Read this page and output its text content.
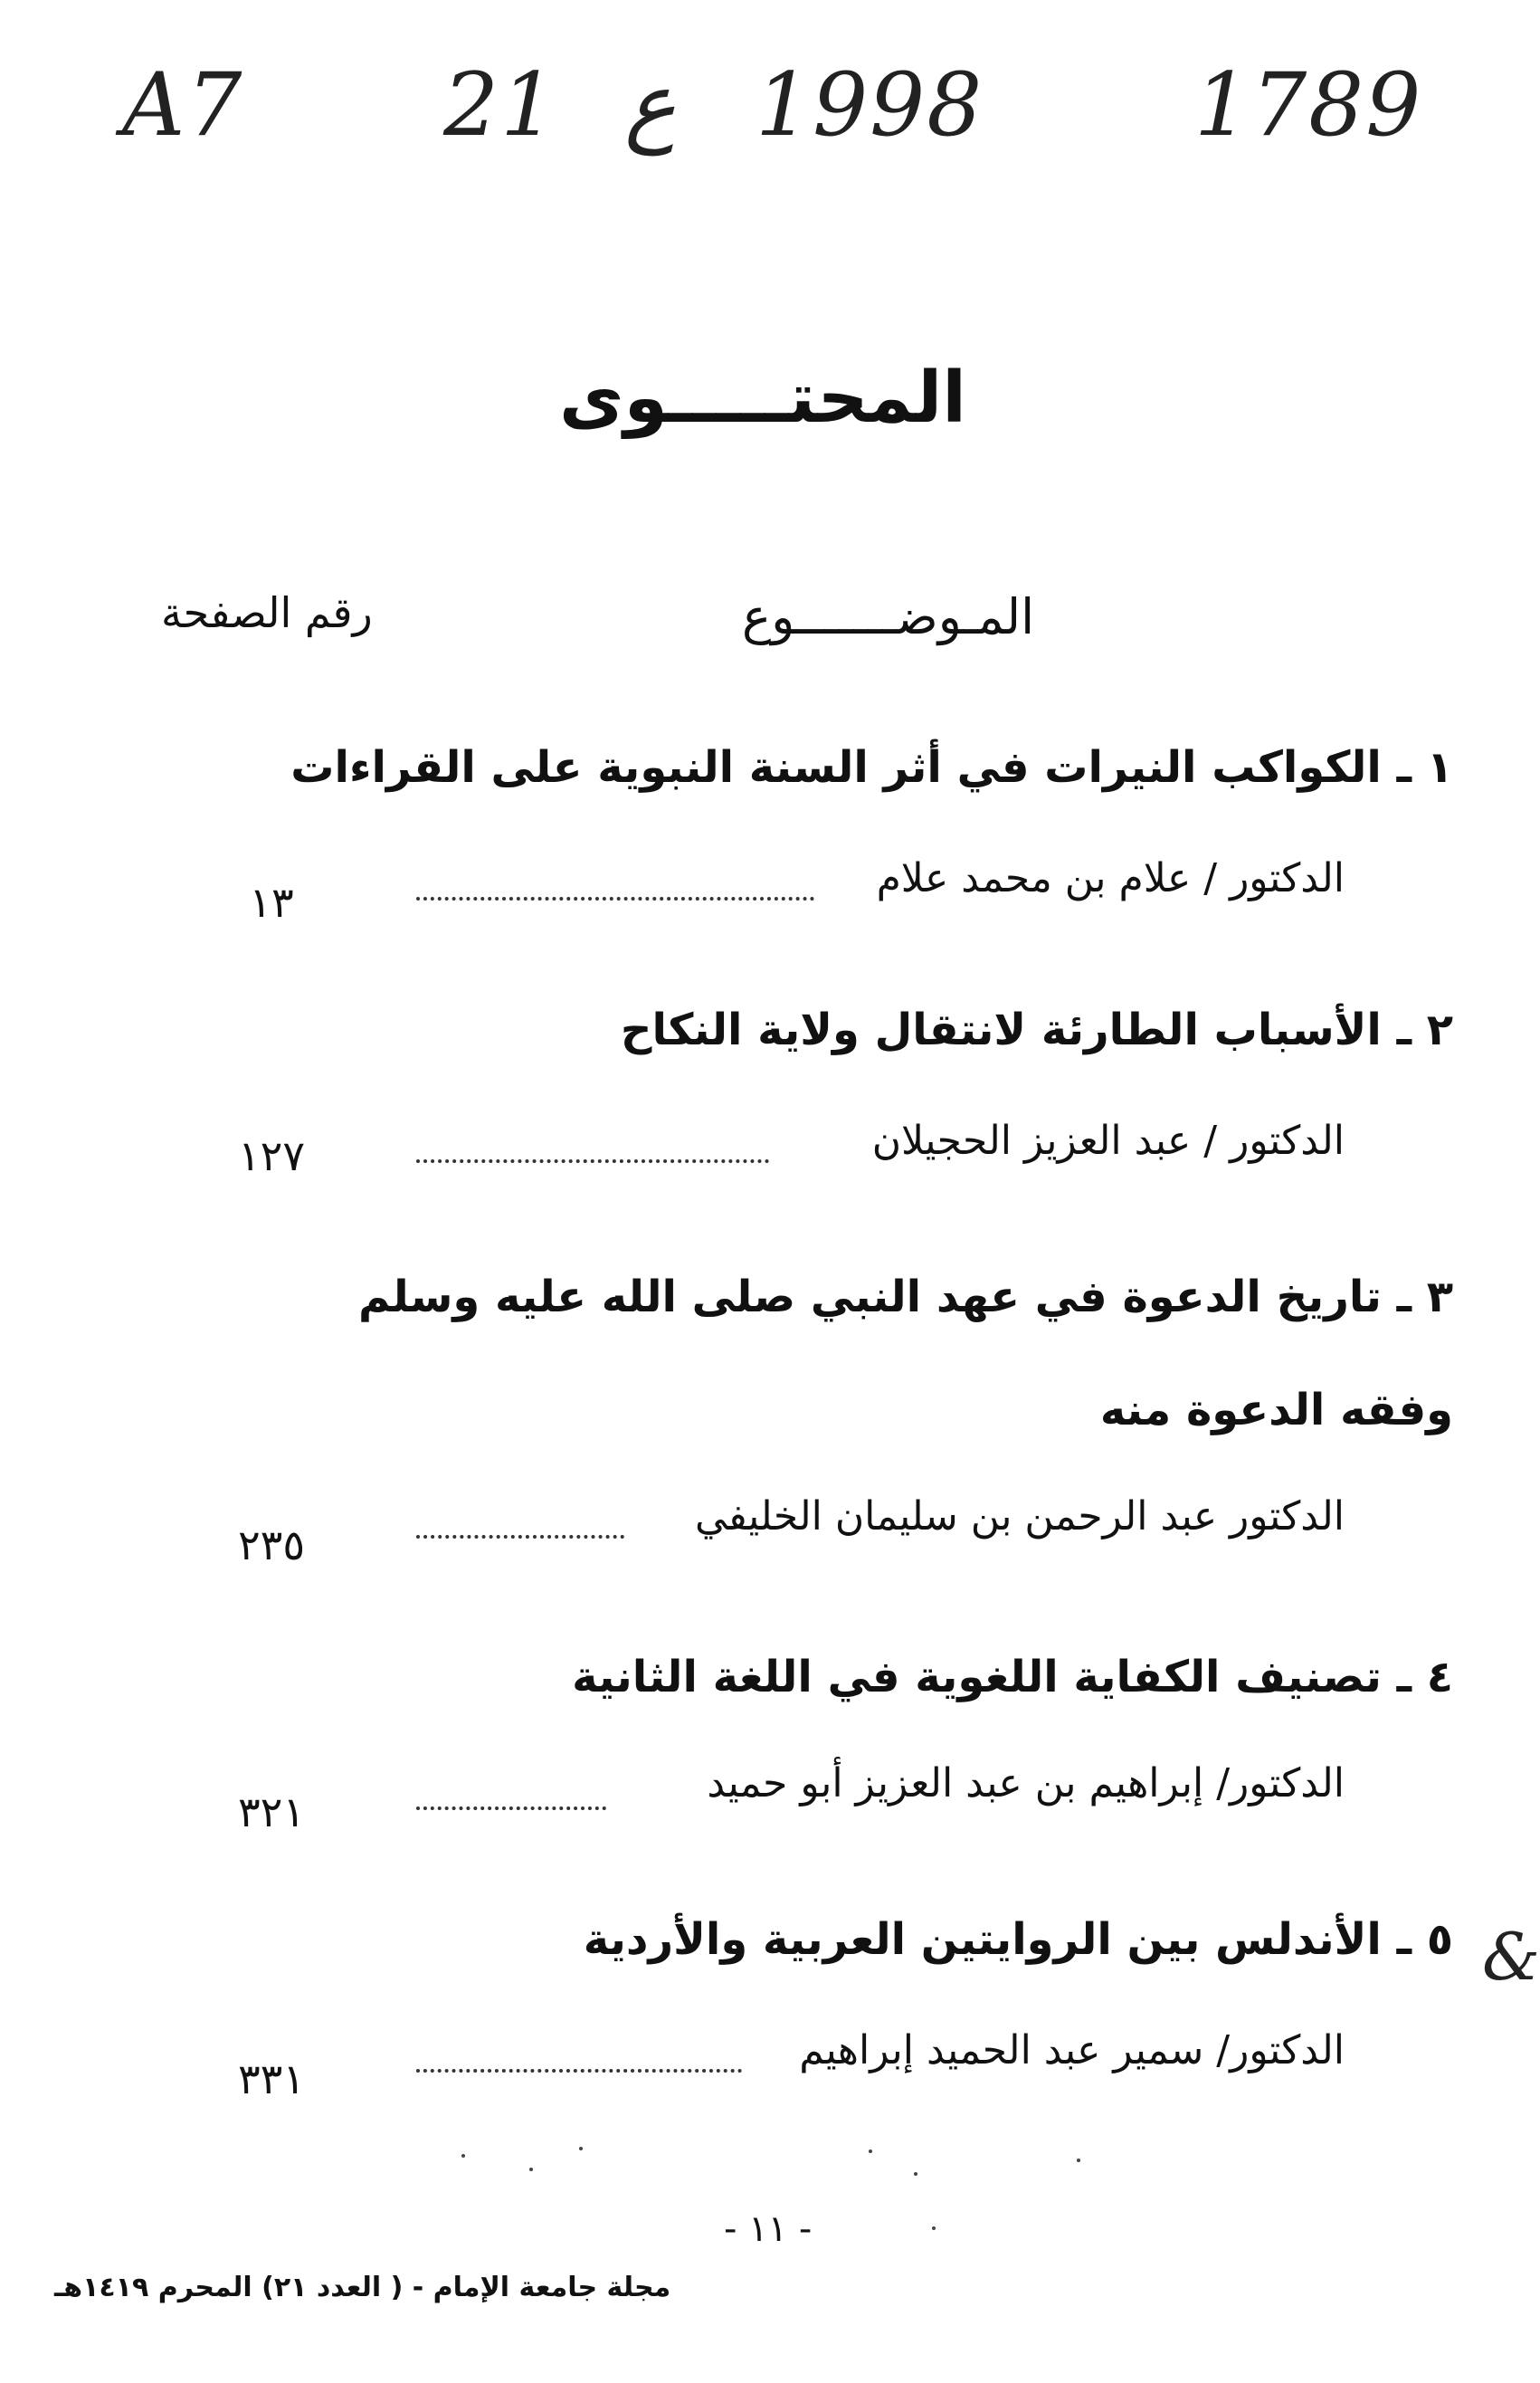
A7 21 ع 1998 1789
المحتـــــوى
المـوضـــــــوع
رقم الصفحة
١ ـ الكواكب النيرات في أثر السنة النبوية على القراءات
الدكتور / علام بن محمد علام
١٣
٢ ـ الأسباب الطارئة لانتقال ولاية النكاح
الدكتور / عبد العزيز الحجيلان
١٢٧
٣ ـ تاريخ الدعوة في عهد النبي صلى الله عليه وسلم
وفقه الدعوة منه
الدكتور عبد الرحمن بن سليمان الخليفي
٢٣٥
٤ ـ تصنيف الكفاية اللغوية في اللغة الثانية
الدكتور/ إبراهيم بن عبد العزيز أبو حميد
٣٢١
٥ ـ الأندلس بين الروايتين العربية والأردية &
الدكتور/ سمير عبد الحميد إبراهيم
٣٣١
- ١١ -
مجلة جامعة الإمام - ( العدد ٢١) المحرم ١٤١٩هـ
